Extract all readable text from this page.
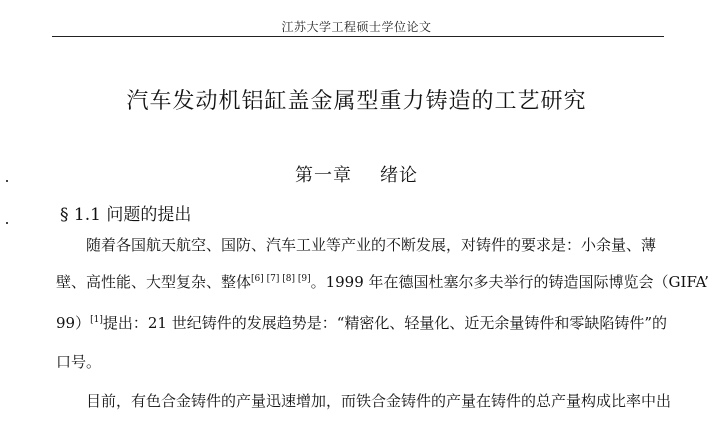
江苏大学工程硕士学位论文
汽车发动机铝缸盖金属型重力铸造的工艺研究
第一章 绪论
§ 1.1 问题的提出
随着各国航天航空、国防、汽车工业等产业的不断发展，对铸件的要求是：小余量、薄
壁、高性能、大型复杂、整体[6] [7] [8] [9]。1999 年在德国杜塞尔多夫举行的铸造国际博览会（GIFA’
99）[1]提出：21 世纪铸件的发展趋势是：“精密化、轻量化、近无余量铸件和零缺陷铸件”的
口号。
目前，有色合金铸件的产量迅速增加，而铁合金铸件的产量在铸件的总产量构成比率中出
